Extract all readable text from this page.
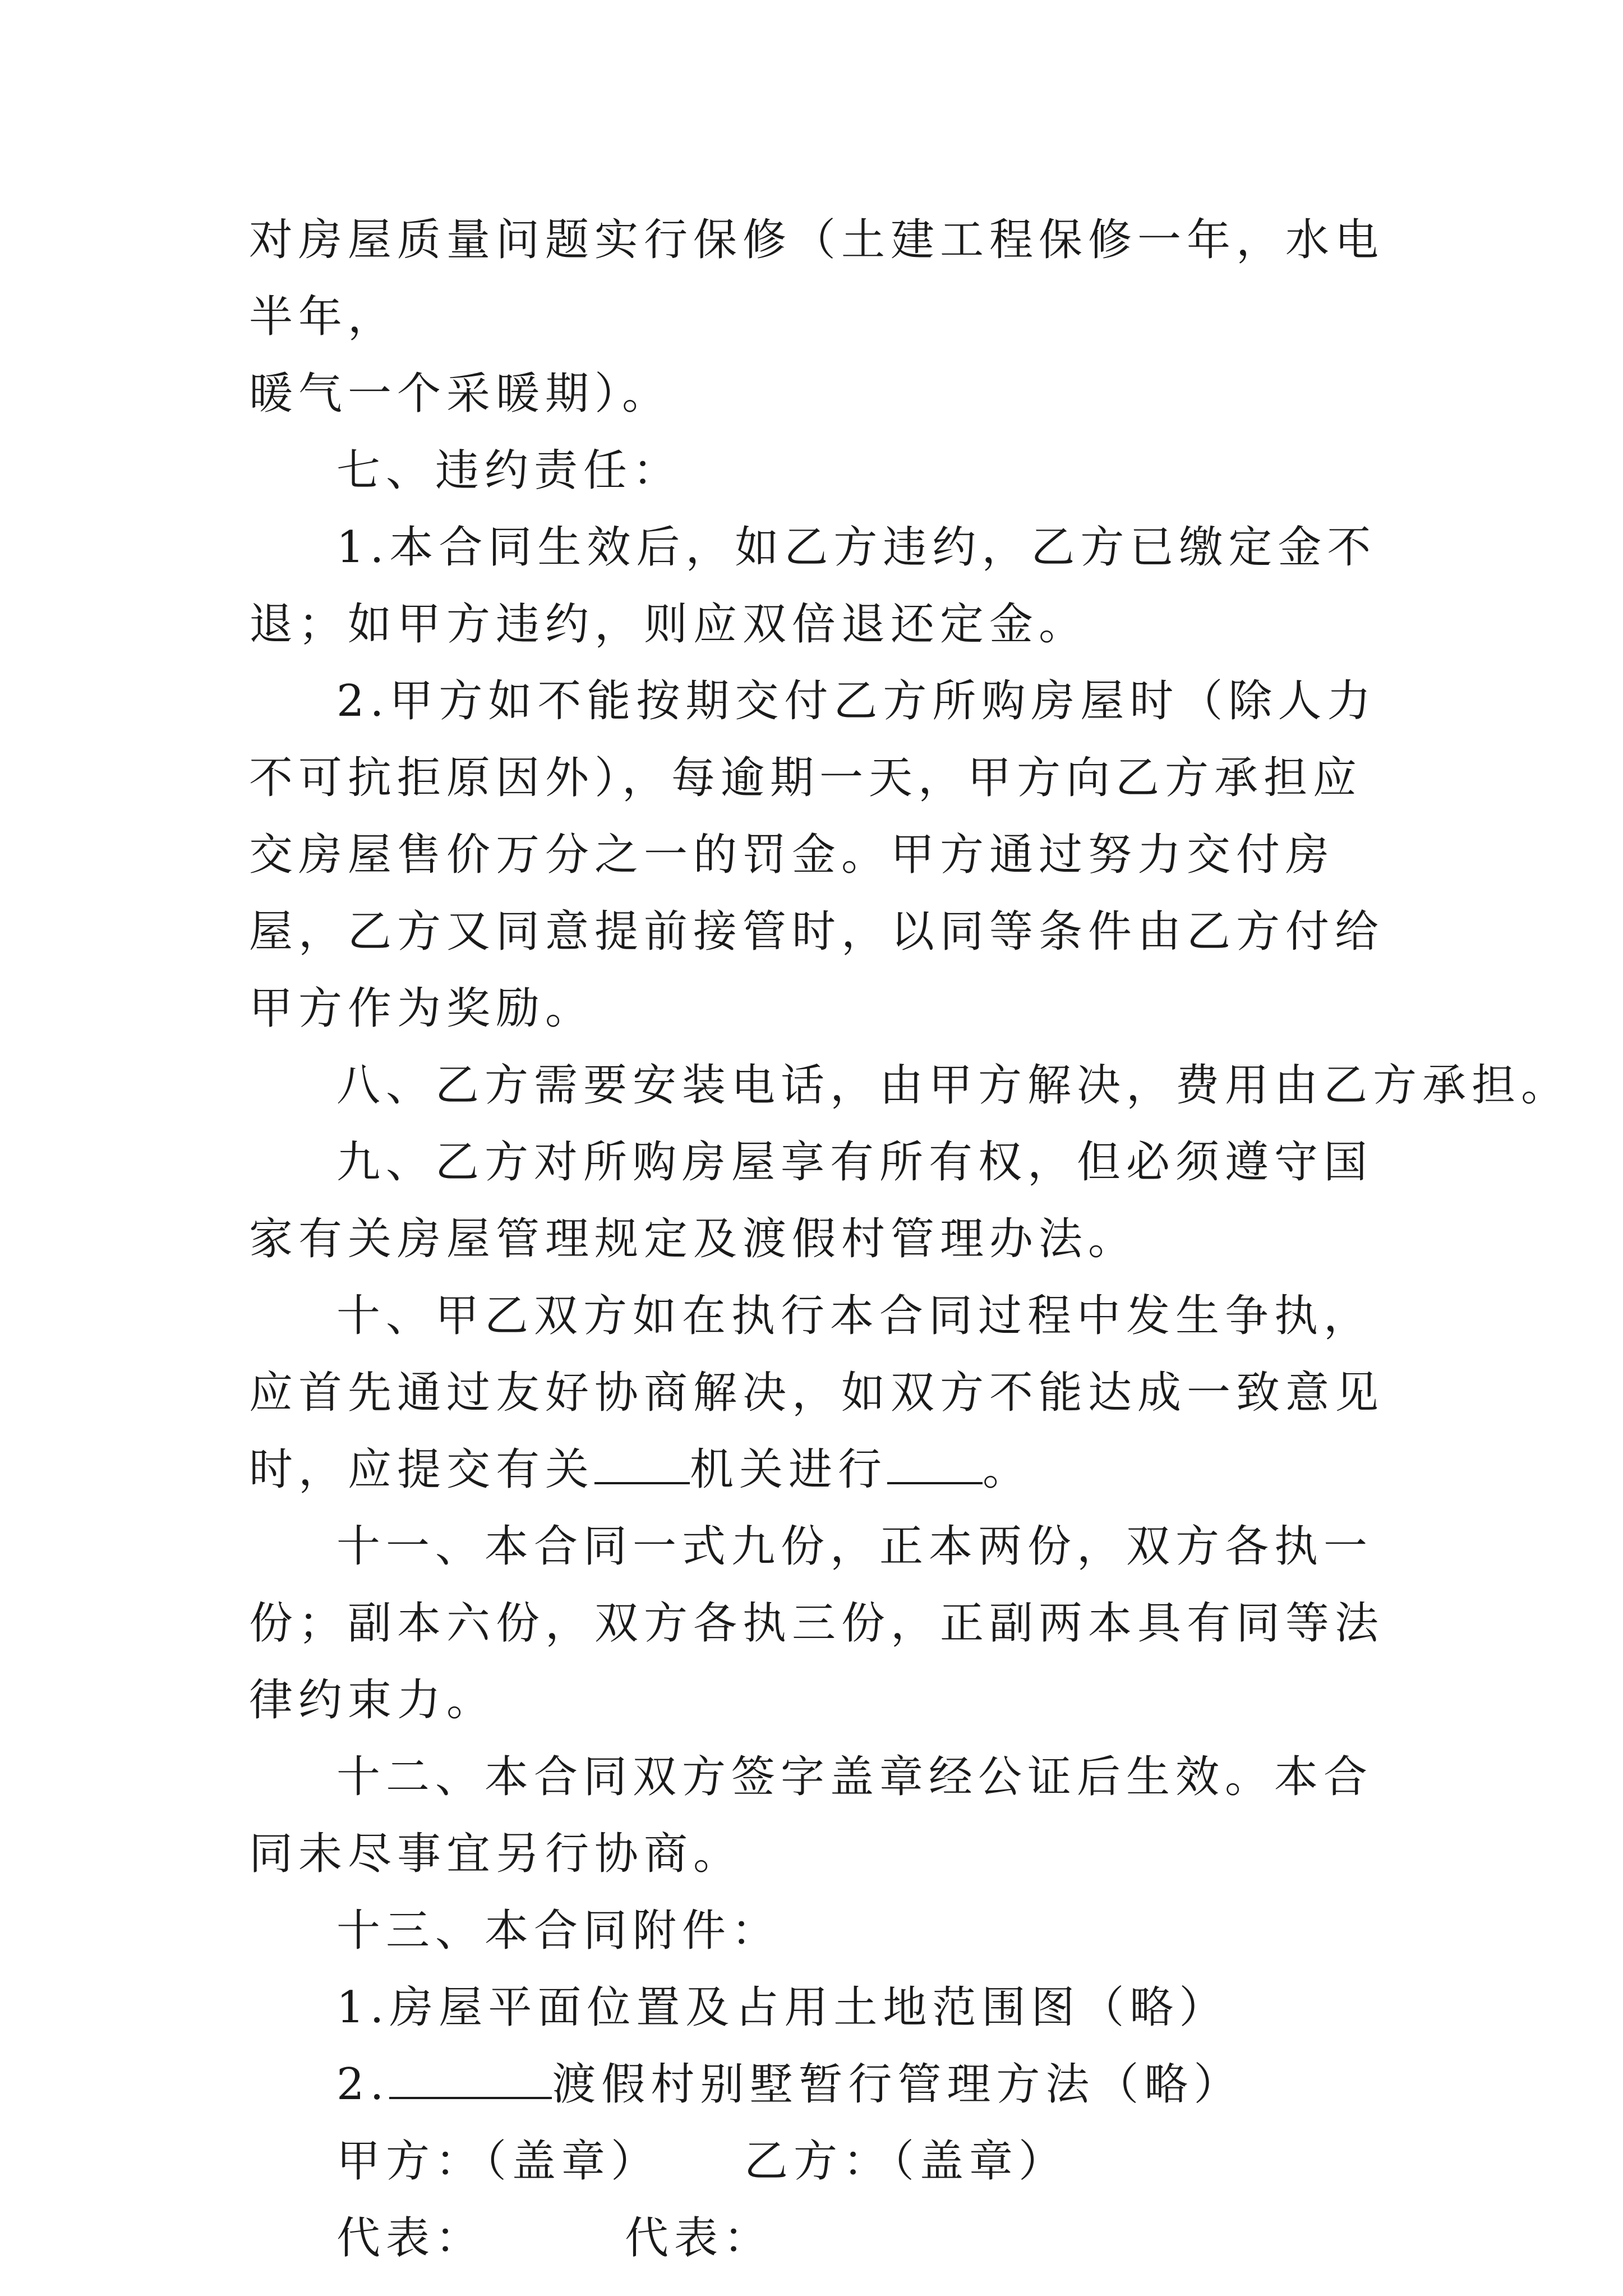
对房屋质量问题实行保修（土建工程保修一年，水电半年，
暖气一个采暖期）。

七、违约责任：

1.本合同生效后，如乙方违约，乙方已缴定金不退；如甲方违约，则应双倍退还定金。

2.甲方如不能按期交付乙方所购房屋时（除人力不可抗拒原因外），每逾期一天，甲方向乙方承担应交房屋售价万分之一的罚金。甲方通过努力交付房屋，乙方又同意提前接管时，以同等条件由乙方付给甲方作为奖励。

八、乙方需要安装电话，由甲方解决，费用由乙方承担。

九、乙方对所购房屋享有所有权，但必须遵守国家有关房屋管理规定及渡假村管理办法。

十、甲乙双方如在执行本合同过程中发生争执，应首先通过友好协商解决，如双方不能达成一致意见时，应提交有关 机关进行 。

十一、本合同一式九份，正本两份，双方各执一份；副本六份，双方各执三份，正副两本具有同等法律约束力。

十二、本合同双方签字盖章经公证后生效。本合同未尽事宜另行协商。

十三、本合同附件：

1.房屋平面位置及占用土地范围图（略）

2.	渡假村别墅暂行管理方法（略）

甲方：（盖章） 乙方：（盖章）

代表：	代表：
